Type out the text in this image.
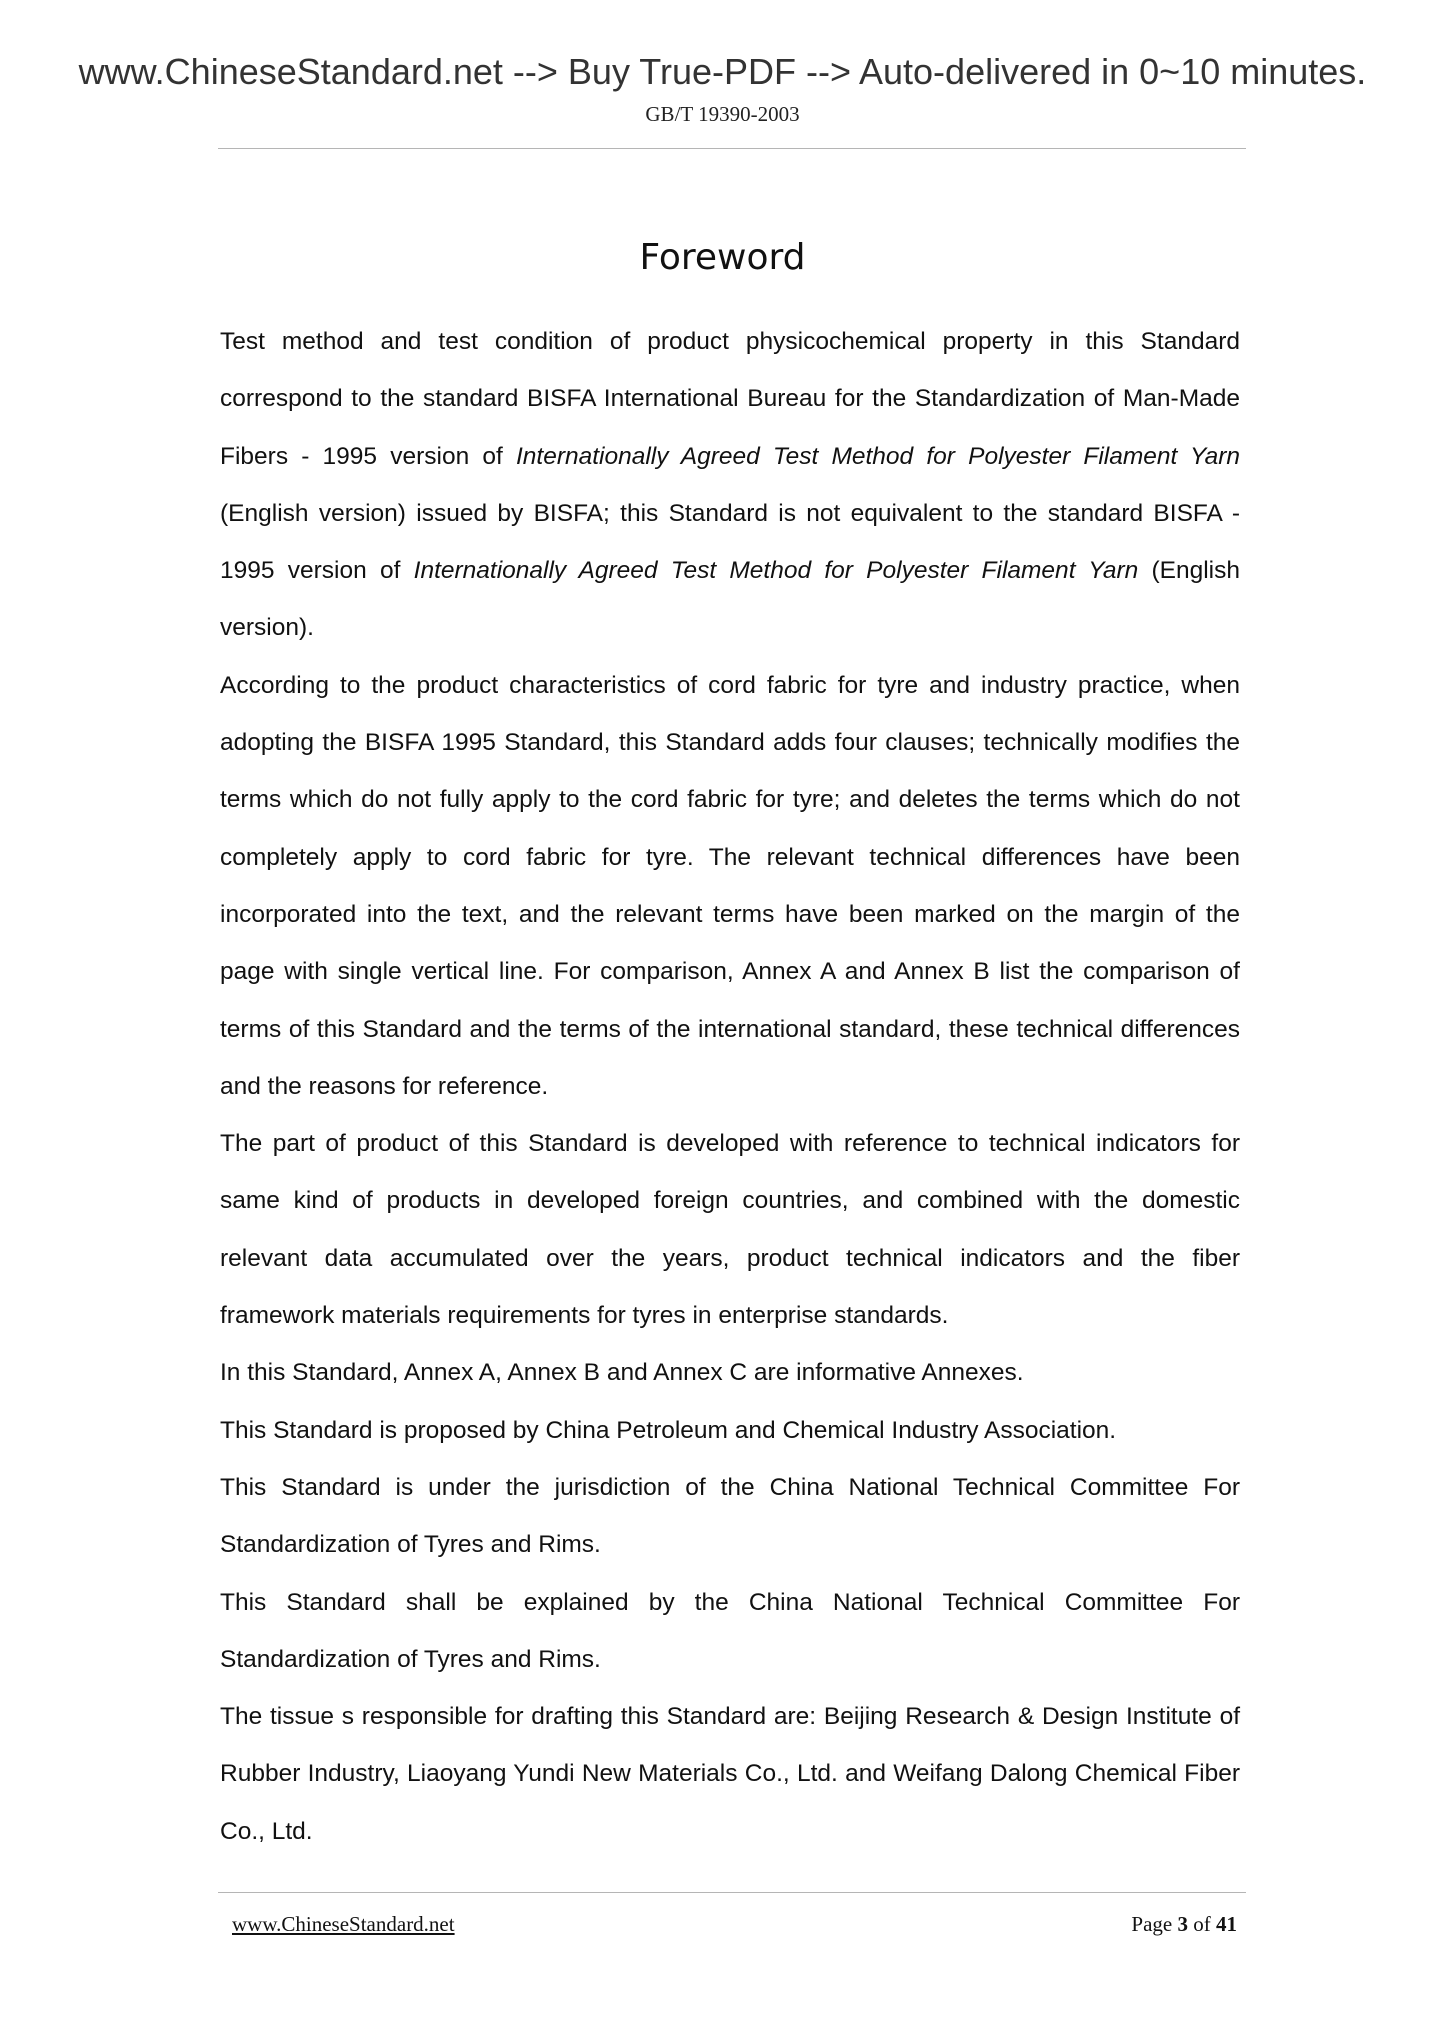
www.ChineseStandard.net --> Buy True-PDF --> Auto-delivered in 0~10 minutes.
GB/T 19390-2003
Foreword

Test method and test condition of product physicochemical property in this Standard correspond to the standard BISFA International Bureau for the Standardization of Man-Made Fibers - 1995 version of Internationally Agreed Test Method for Polyester Filament Yarn (English version) issued by BISFA; this Standard is not equivalent to the standard BISFA - 1995 version of Internationally Agreed Test Method for Polyester Filament Yarn (English version).

According to the product characteristics of cord fabric for tyre and industry practice, when adopting the BISFA 1995 Standard, this Standard adds four clauses; technically modifies the terms which do not fully apply to the cord fabric for tyre; and deletes the terms which do not completely apply to cord fabric for tyre. The relevant technical differences have been incorporated into the text, and the relevant terms have been marked on the margin of the page with single vertical line. For comparison, Annex A and Annex B list the comparison of terms of this Standard and the terms of the international standard, these technical differences and the reasons for reference.

The part of product of this Standard is developed with reference to technical indicators for same kind of products in developed foreign countries, and combined with the domestic relevant data accumulated over the years, product technical indicators and the fiber framework materials requirements for tyres in enterprise standards.

In this Standard, Annex A, Annex B and Annex C are informative Annexes.

This Standard is proposed by China Petroleum and Chemical Industry Association.

This Standard is under the jurisdiction of the China National Technical Committee For Standardization of Tyres and Rims.

This Standard shall be explained by the China National Technical Committee For Standardization of Tyres and Rims.

The tissue s responsible for drafting this Standard are: Beijing Research & Design Institute of Rubber Industry, Liaoyang Yundi New Materials Co., Ltd. and Weifang Dalong Chemical Fiber Co., Ltd.

www.ChineseStandard.net	Page 3 of 41
